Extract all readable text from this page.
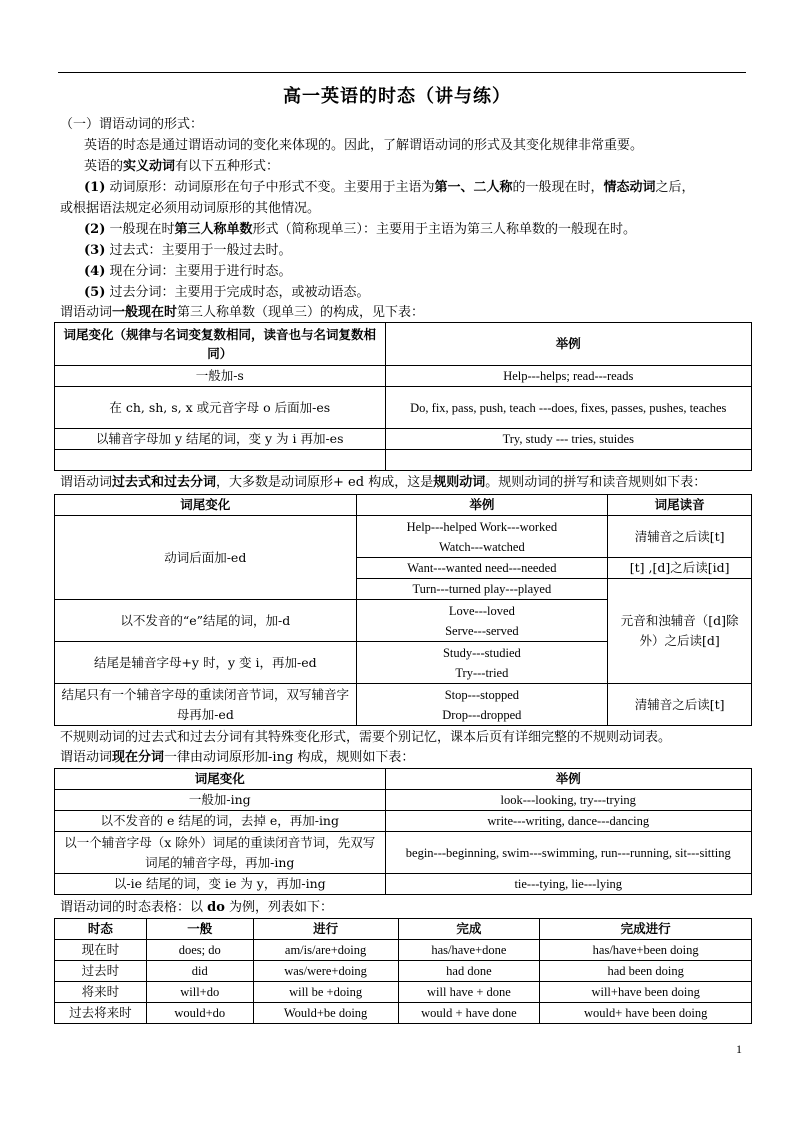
高一英语的时态（讲与练）
（一）谓语动词的形式：
英语的时态是通过谓语动词的变化来体现的。因此，了解谓语动词的形式及其变化规律非常重要。
英语的实义动词有以下五种形式：
(1) 动词原形：动词原形在句子中形式不变。主要用于主语为第一、二人称的一般现在时，情态动词之后，
或根据语法规定必须用动词原形的其他情况。
(2) 一般现在时第三人称单数形式（简称现单三）：主要用于主语为第三人称单数的一般现在时。
(3) 过去式：主要用于一般过去时。
(4) 现在分词：主要用于进行时态。
(5) 过去分词：主要用于完成时态，或被动语态。
谓语动词一般现在时第三人称单数（现单三）的构成，见下表：
词尾变化（规律与名词变复数相同，读音也与名词复数相同）	举例
一般加-s	Help---helps; read---reads
在 ch, sh, s, x 或元音字母 o 后面加-es	Do, fix, pass, push, teach ---does, fixes, passes, pushes, teaches
以辅音字母加 y 结尾的词，变 y 为 i 再加-es	Try, study --- tries, stuides

谓语动词过去式和过去分词，大多数是动词原形+ ed 构成，这是规则动词。规则动词的拼写和读音规则如下表：
词尾变化	举例	词尾读音
动词后面加-ed	Help---helped Work---worked
Watch---watched	清辅音之后读[t]
	Want---wanted need---needed	[t] ,[d]之后读[id]
	Turn---turned play---played	元音和浊辅音（[d]除外）之后读[d]
以不发音的“e”结尾的词，加-d	Love---loved
Serve---served	

结尾是辅音字母+y 时，y 变 i，再加-ed	Study---studied
Try---tried	

结尾只有一个辅音字母的重读闭音节词，双写辅音字母再加-ed	Stop---stopped
Drop---dropped	清辅音之后读[t]
不规则动词的过去式和过去分词有其特殊变化形式，需要个别记忆，课本后页有详细完整的不规则动词表。
谓语动词现在分词一律由动词原形加-ing 构成，规则如下表：
词尾变化	举例
一般加-ing	look---looking, try---trying
以不发音的 e 结尾的词，去掉 e，再加-ing	write---writing, dance---dancing
以一个辅音字母（x 除外）词尾的重读闭音节词，先双写词尾的辅音字母，再加-ing	begin---beginning, swim---swimming, run---running, sit---sitting
以-ie 结尾的词，变 ie 为 y，再加-ing	tie---tying, lie---lying
谓语动词的时态表格：以 do 为例，列表如下：
时态	一般	进行	完成	完成进行
现在时	does; do	am/is/are+doing	has/have+done	has/have+been doing
过去时	did	was/were+doing	had done	had been doing
将来时	will+do	will be +doing	will have + done	will+have been doing
过去将来时	would+do	Would+be doing	would + have done	would+ have been doing
1
